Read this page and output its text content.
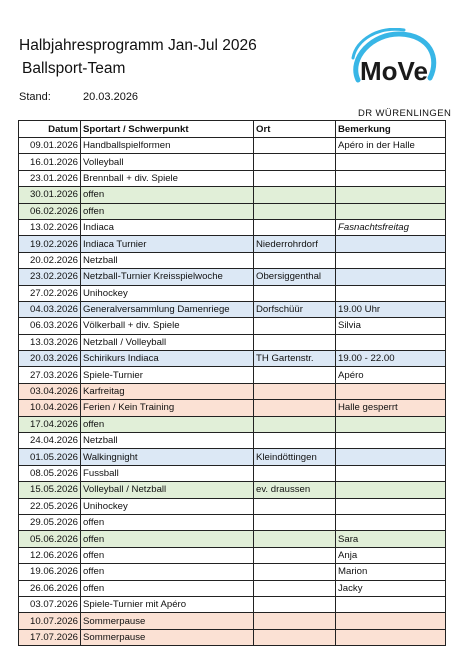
Halbjahresprogramm Jan-Jul 2026
Ballsport-Team
Stand:	20.03.2026
MoVe
DR WÜRENLINGEN
Datum	Sportart / Schwerpunkt	Ort	Bemerkung
09.01.2026	Handballspielformen		Apéro in der Halle
16.01.2026	Volleyball		
23.01.2026	Brennball + div. Spiele		
30.01.2026	offen		
06.02.2026	offen		
13.02.2026	Indiaca		Fasnachtsfreitag
19.02.2026	Indiaca Turnier	Niederrohrdorf	
20.02.2026	Netzball		
23.02.2026	Netzball-Turnier Kreisspielwoche	Obersiggenthal	
27.02.2026	Unihockey		
04.03.2026	Generalversammlung Damenriege	Dorfschüür	19.00 Uhr
06.03.2026	Völkerball + div. Spiele		Silvia
13.03.2026	Netzball / Volleyball		
20.03.2026	Schirikurs Indiaca	TH Gartenstr.	19.00 - 22.00
27.03.2026	Spiele-Turnier		Apéro
03.04.2026	Karfreitag		
10.04.2026	Ferien / Kein Training		Halle gesperrt
17.04.2026	offen		
24.04.2026	Netzball		
01.05.2026	Walkingnight	Kleindöttingen	
08.05.2026	Fussball		
15.05.2026	Volleyball / Netzball	ev. draussen	
22.05.2026	Unihockey		
29.05.2026	offen		
05.06.2026	offen		Sara
12.06.2026	offen		Anja
19.06.2026	offen		Marion
26.06.2026	offen		Jacky
03.07.2026	Spiele-Turnier mit Apéro		
10.07.2026	Sommerpause		
17.07.2026	Sommerpause		
